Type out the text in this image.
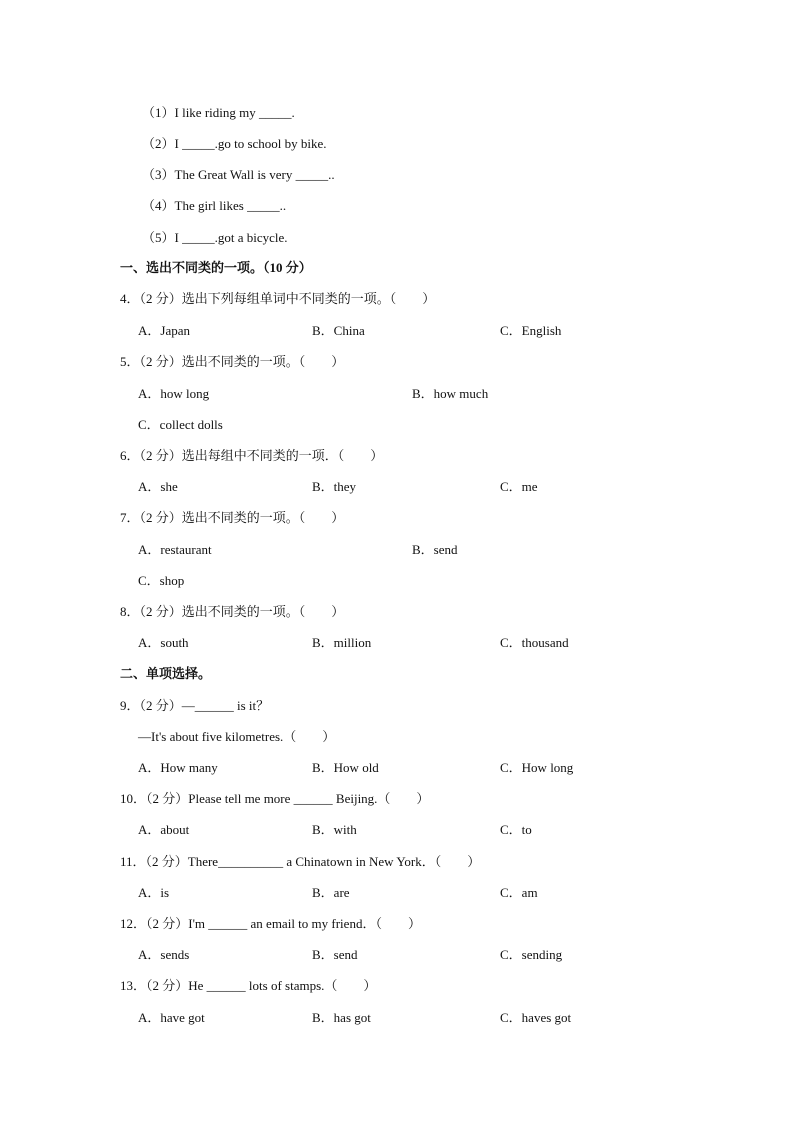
（1）I like riding my _____.
（2）I _____.go to school by bike.
（3）The Great Wall is very _____..
（4）The girl likes _____..
（5）I _____.got a bicycle.
一、选出不同类的一项。（10 分）
4．（2 分）选出下列每组单词中不同类的一项。（　　）
A．Japan	B．China	C．English
5．（2 分）选出不同类的一项。（　　）
A．how long	B．how much
C．collect dolls
6．（2 分）选出每组中不同类的一项．（　　）
A．she	B．they	C．me
7．（2 分）选出不同类的一项。（　　）
A．restaurant	B．send
C．shop
8．（2 分）选出不同类的一项。（　　）
A．south	B．million	C．thousand
二、单项选择。
9．（2 分）—______ is it？
—It's about five kilometres.（　　）
A．How many	B．How old	C．How long
10．（2 分）Please tell me more ______ Beijing.（　　）
A．about	B．with	C．to
11．（2 分）There__________ a Chinatown in New York．（　　）
A．is	B．are	C．am
12．（2 分）I'm ______ an email to my friend．（　　）
A．sends	B．send	C．sending
13．（2 分）He ______ lots of stamps.（　　）
A．have got	B．has got	C．haves got
